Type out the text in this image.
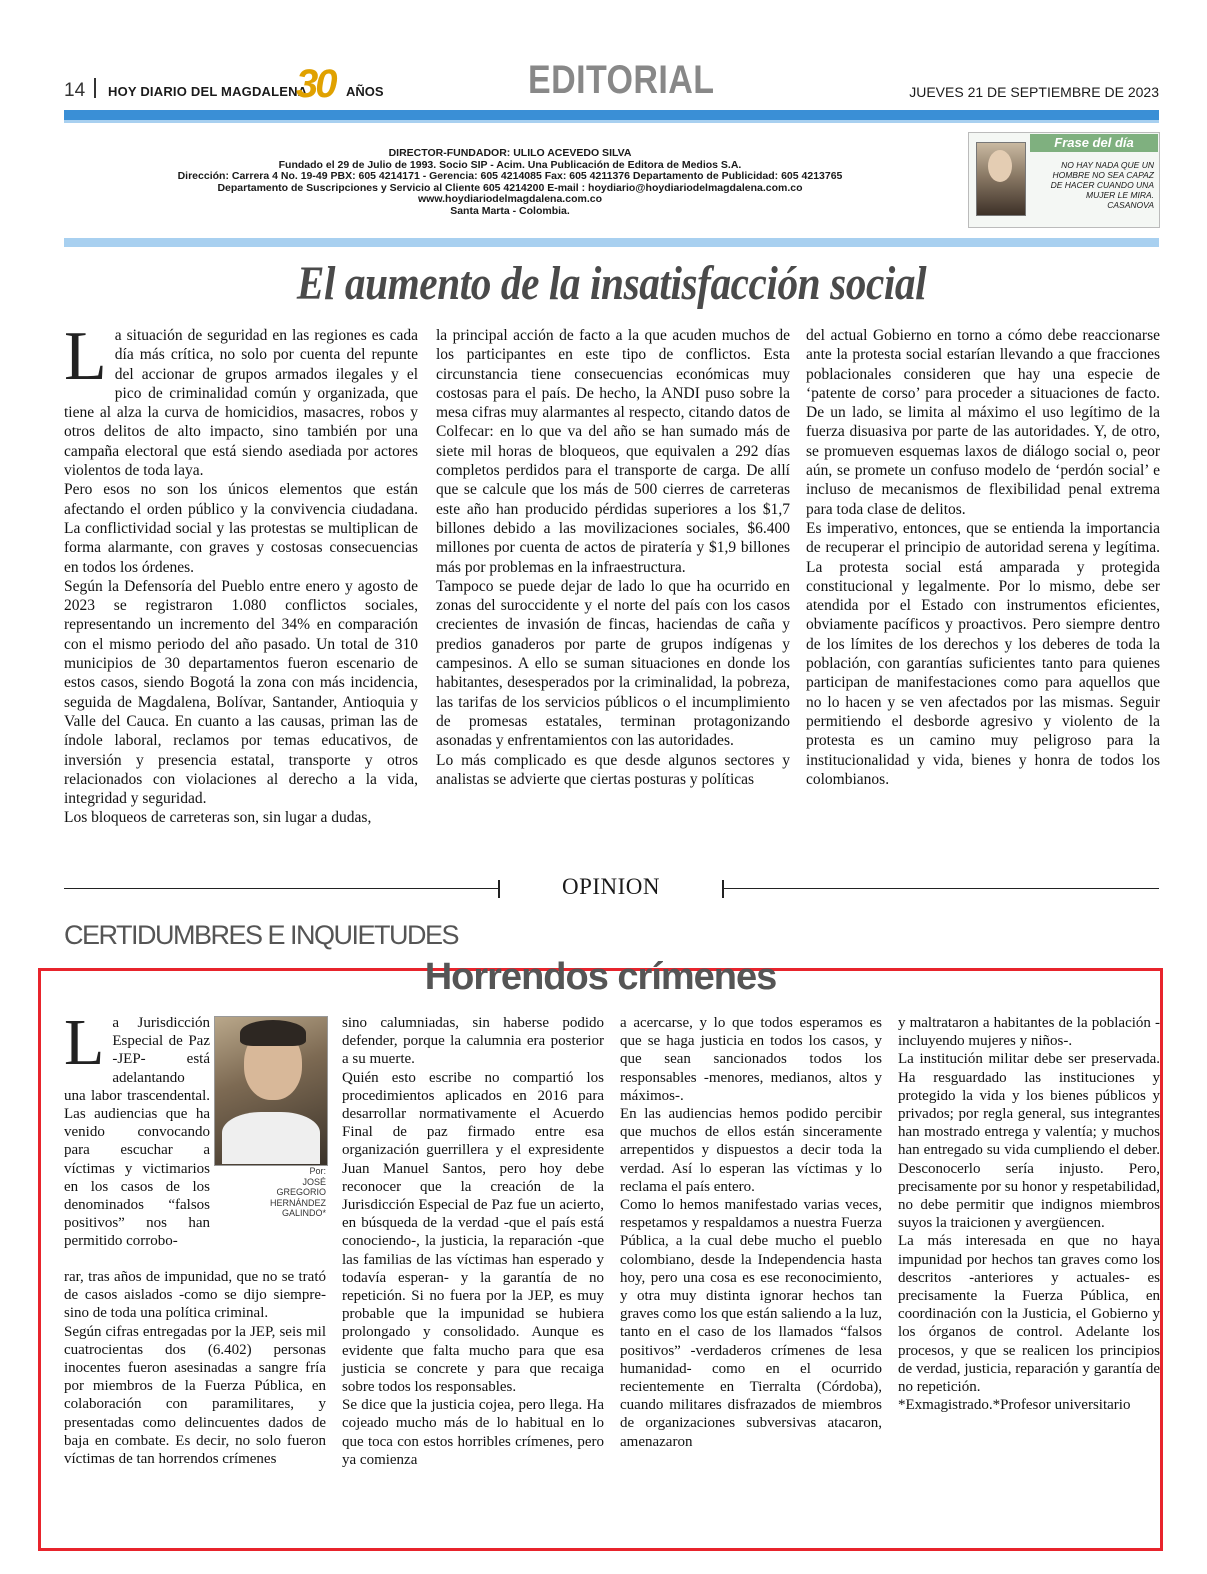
14 HOY DIARIO DEL MAGDALENA
30 AÑOS	EDITORIAL	JUEVES 21 DE SEPTIEMBRE DE 2023
DIRECTOR-FUNDADOR: ULILO ACEVEDO SILVA
Fundado el 29 de Julio de 1993. Socio SIP - Acim. Una Publicación de Editora de Medios S.A.
Dirección: Carrera 4 No. 19-49 PBX: 605 4214171 - Gerencia: 605 4214085 Fax: 605 4211376 Departamento de Publicidad: 605 4213765
Departamento de Suscripciones y Servicio al Cliente 605 4214200 E-mail : hoydiario@hoydiariodelmagdalena.com.co
www.hoydiariodelmagdalena.com.co
Santa Marta - Colombia.
Frase del día
NO HAY NADA QUE UN
HOMBRE NO SEA CAPAZ
DE HACER CUANDO UNA
MUJER LE MIRA.
CASANOVA
El aumento de la insatisfacción social

La situación de seguridad en las regiones es cada día más crítica, no solo por cuenta del repunte del accionar de grupos armados ilegales y el pico de criminalidad común y organizada, que tiene al alza la curva de homicidios, masacres, robos y otros delitos de alto impacto, sino también por una campaña electoral que está siendo asediada por actores violentos de toda laya.

Pero esos no son los únicos elementos que están afectando el orden público y la convivencia ciudadana. La conflictividad social y las protestas se multiplican de forma alarmante, con graves y costosas consecuencias en todos los órdenes.

Según la Defensoría del Pueblo entre enero y agosto de 2023 se registraron 1.080 conflictos sociales, representando un incremento del 34% en comparación con el mismo periodo del año pasado. Un total de 310 municipios de 30 departamentos fueron escenario de estos casos, siendo Bogotá la zona con más incidencia, seguida de Magdalena, Bolívar, Santander, Antioquia y Valle del Cauca. En cuanto a las causas, priman las de índole laboral, reclamos por temas educativos, de inversión y presencia estatal, transporte y otros relacionados con violaciones al derecho a la vida, integridad y seguridad.

Los bloqueos de carreteras son, sin lugar a dudas,

la principal acción de facto a la que acuden muchos de los participantes en este tipo de conflictos. Esta circunstancia tiene consecuencias económicas muy costosas para el país. De hecho, la ANDI puso sobre la mesa cifras muy alarmantes al respecto, citando datos de Colfecar: en lo que va del año se han sumado más de siete mil horas de bloqueos, que equivalen a 292 días completos perdidos para el transporte de carga. De allí que se calcule que los más de 500 cierres de carreteras este año han producido pérdidas superiores a los $1,7 billones debido a las movilizaciones sociales, $6.400 millones por cuenta de actos de piratería y $1,9 billones más por problemas en la infraestructura.

Tampoco se puede dejar de lado lo que ha ocurrido en zonas del suroccidente y el norte del país con los casos crecientes de invasión de fincas, haciendas de caña y predios ganaderos por parte de grupos indígenas y campesinos. A ello se suman situaciones en donde los habitantes, desesperados por la criminalidad, la pobreza, las tarifas de los servicios públicos o el incumplimiento de promesas estatales, terminan protagonizando asonadas y enfrentamientos con las autoridades.

Lo más complicado es que desde algunos sectores y analistas se advierte que ciertas posturas y políticas

del actual Gobierno en torno a cómo debe reaccionarse ante la protesta social estarían llevando a que fracciones poblacionales consideren que hay una especie de ‘patente de corso’ para proceder a situaciones de facto. De un lado, se limita al máximo el uso legítimo de la fuerza disuasiva por parte de las autoridades. Y, de otro, se promueven esquemas laxos de diálogo social o, peor aún, se promete un confuso modelo de ‘perdón social’ e incluso de mecanismos de flexibilidad penal extrema para toda clase de delitos.

Es imperativo, entonces, que se entienda la importancia de recuperar el principio de autoridad serena y legítima. La protesta social está amparada y protegida constitucional y legalmente. Por lo mismo, debe ser atendida por el Estado con instrumentos eficientes, obviamente pacíficos y proactivos. Pero siempre dentro de los límites de los derechos y los deberes de toda la población, con garantías suficientes tanto para quienes participan de manifestaciones como para aquellos que no lo hacen y se ven afectados por las mismas. Seguir permitiendo el desborde agresivo y violento de la protesta es un camino muy peligroso para la institucionalidad y vida, bienes y honra de todos los colombianos.

OPINION
CERTIDUMBRES E INQUIETUDES
Horrendos crímenes
Por:
JOSÉ
GREGORIO
HERNÁNDEZ
GALINDO*

La Jurisdicción Especial de Paz -JEP- está adelantando una labor trascendental. Las audiencias que ha venido convocando para escuchar a víctimas y victimarios en los casos de los denominados “falsos positivos” nos han permitido corrobo-

rar, tras años de impunidad, que no se trató de casos aislados -como se dijo siempre- sino de toda una política criminal.

Según cifras entregadas por la JEP, seis mil cuatrocientas dos (6.402) personas inocentes fueron asesinadas a sangre fría por miembros de la Fuerza Pública, en colaboración con paramilitares, y presentadas como delincuentes dados de baja en combate. Es decir, no solo fueron víctimas de tan horrendos crímenes

sino calumniadas, sin haberse podido defender, porque la calumnia era posterior a su muerte.

Quién esto escribe no compartió los procedimientos aplicados en 2016 para desarrollar normativamente el Acuerdo Final de paz firmado entre esa organización guerrillera y el expresidente Juan Manuel Santos, pero hoy debe reconocer que la creación de la Jurisdicción Especial de Paz fue un acierto, en búsqueda de la verdad -que el país está conociendo-, la justicia, la reparación -que las familias de las víctimas han esperado y todavía esperan- y la garantía de no repetición. Si no fuera por la JEP, es muy probable que la impunidad se hubiera prolongado y consolidado. Aunque es evidente que falta mucho para que esa justicia se concrete y para que recaiga sobre todos los responsables.

Se dice que la justicia cojea, pero llega. Ha cojeado mucho más de lo habitual en lo que toca con estos horribles crímenes, pero ya comienza

a acercarse, y lo que todos esperamos es que se haga justicia en todos los casos, y que sean sancionados todos los responsables -menores, medianos, altos y máximos-.

En las audiencias hemos podido percibir que muchos de ellos están sinceramente arrepentidos y dispuestos a decir toda la verdad. Así lo esperan las víctimas y lo reclama el país entero.

Como lo hemos manifestado varias veces, respetamos y respaldamos a nuestra Fuerza Pública, a la cual debe mucho el pueblo colombiano, desde la Independencia hasta hoy, pero una cosa es ese reconocimiento, y otra muy distinta ignorar hechos tan graves como los que están saliendo a la luz, tanto en el caso de los llamados “falsos positivos” -verdaderos crímenes de lesa humanidad- como en el ocurrido recientemente en Tierralta (Córdoba), cuando militares disfrazados de miembros de organizaciones subversivas atacaron, amenazaron

y maltrataron a habitantes de la población -incluyendo mujeres y niños-.

La institución militar debe ser preservada. Ha resguardado las instituciones y protegido la vida y los bienes públicos y privados; por regla general, sus integrantes han mostrado entrega y valentía; y muchos han entregado su vida cumpliendo el deber. Desconocerlo sería injusto. Pero, precisamente por su honor y respetabilidad, no debe permitir que indignos miembros suyos la traicionen y avergüencen.

La más interesada en que no haya impunidad por hechos tan graves como los descritos -anteriores y actuales- es precisamente la Fuerza Pública, en coordinación con la Justicia, el Gobierno y los órganos de control. Adelante los procesos, y que se realicen los principios de verdad, justicia, reparación y garantía de no repetición.

*Exmagistrado.*Profesor universitario
